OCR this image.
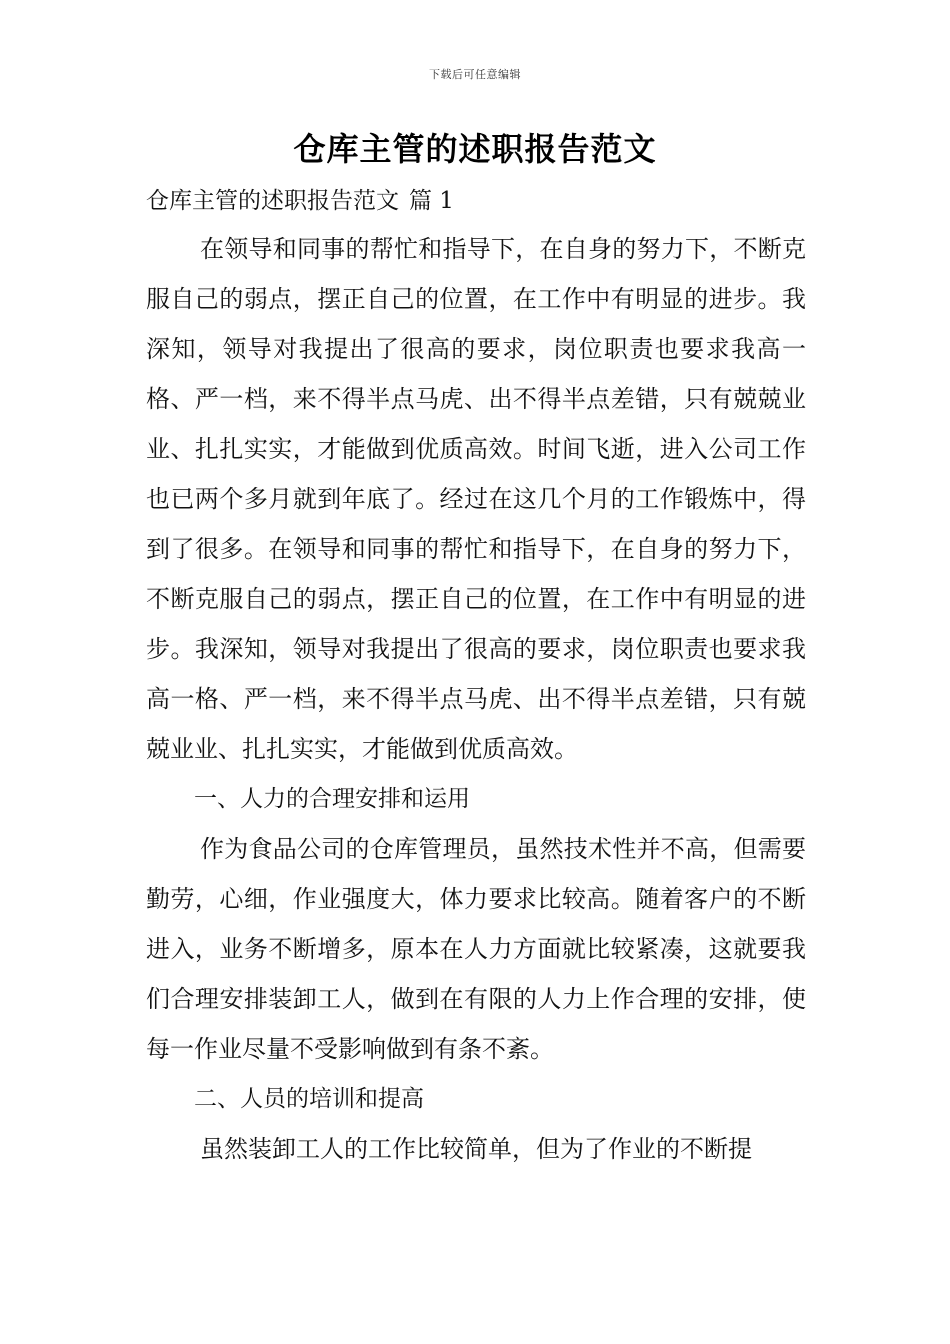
下载后可任意编辑
仓库主管的述职报告范文
仓库主管的述职报告范文 篇 1

在领导和同事的帮忙和指导下，在自身的努力下，不断克服自己的弱点，摆正自己的位置，在工作中有明显的进步。我深知，领导对我提出了很高的要求，岗位职责也要求我高一格、严一档，来不得半点马虎、出不得半点差错，只有兢兢业业、扎扎实实，才能做到优质高效。时间飞逝，进入公司工作也已两个多月就到年底了。经过在这几个月的工作锻炼中，得到了很多。在领导和同事的帮忙和指导下，在自身的努力下，不断克服自己的弱点，摆正自己的位置，在工作中有明显的进步。我深知，领导对我提出了很高的要求，岗位职责也要求我高一格、严一档，来不得半点马虎、出不得半点差错，只有兢兢业业、扎扎实实，才能做到优质高效。

一、人力的合理安排和运用

作为食品公司的仓库管理员，虽然技术性并不高，但需要勤劳，心细，作业强度大，体力要求比较高。随着客户的不断进入，业务不断增多，原本在人力方面就比较紧凑，这就要我们合理安排装卸工人，做到在有限的人力上作合理的安排，使每一作业尽量不受影响做到有条不紊。

二、人员的培训和提高

虽然装卸工人的工作比较简单，但为了作业的不断提
